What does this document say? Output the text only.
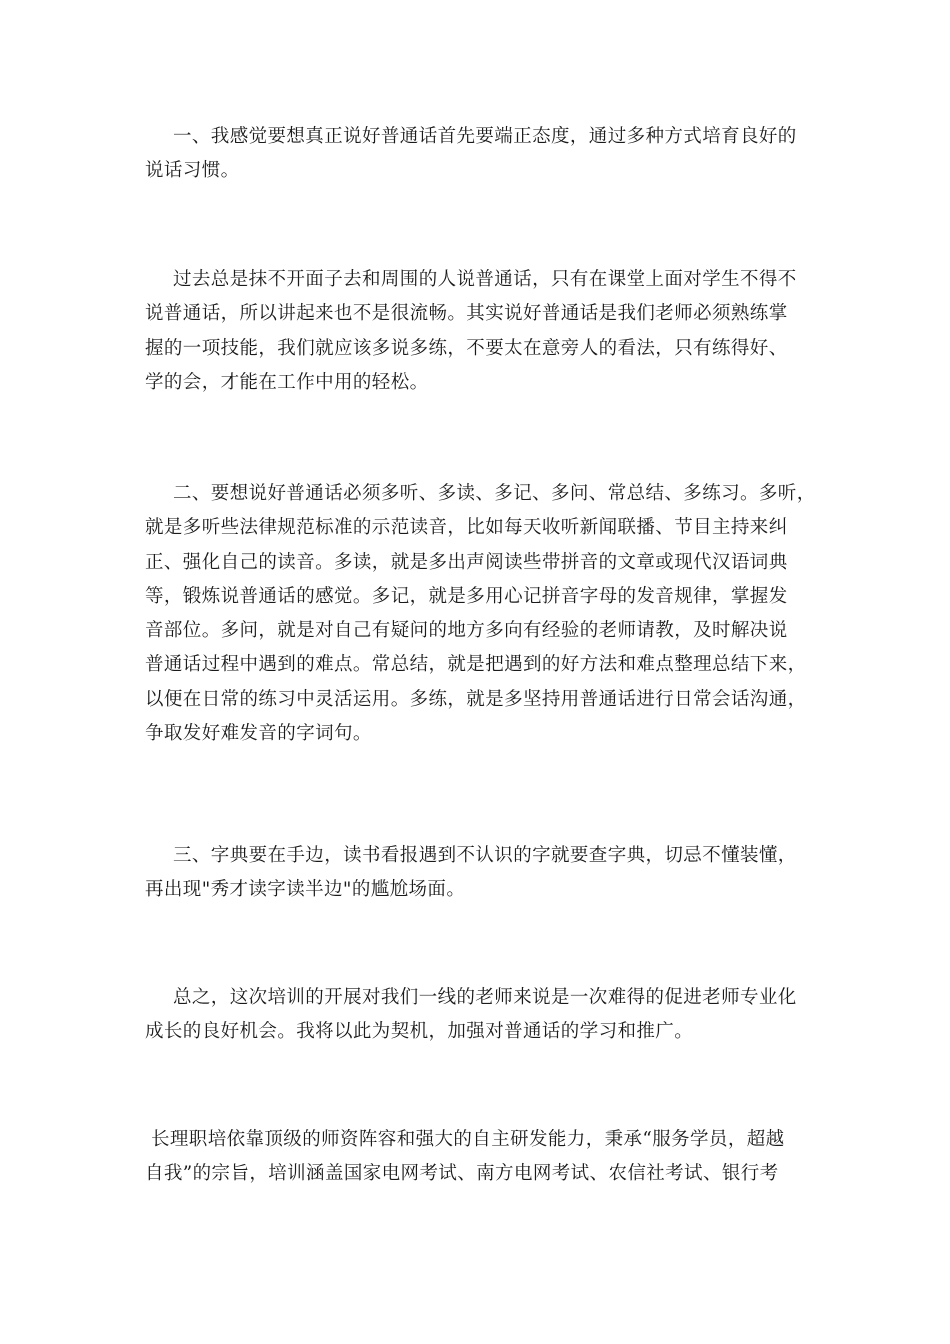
一、我感觉要想真正说好普通话首先要端正态度，通过多种方式培育良好的
说话习惯。

过去总是抹不开面子去和周围的人说普通话，只有在课堂上面对学生不得不
说普通话，所以讲起来也不是很流畅。其实说好普通话是我们老师必须熟练掌
握的一项技能，我们就应该多说多练，不要太在意旁人的看法，只有练得好、
学的会，才能在工作中用的轻松。

二、要想说好普通话必须多听、多读、多记、多问、常总结、多练习。多听，
就是多听些法律规范标准的示范读音，比如每天收听新闻联播、节目主持来纠
正、强化自己的读音。多读，就是多出声阅读些带拼音的文章或现代汉语词典
等，锻炼说普通话的感觉。多记，就是多用心记拼音字母的发音规律，掌握发
音部位。多问，就是对自己有疑问的地方多向有经验的老师请教，及时解决说
普通话过程中遇到的难点。常总结，就是把遇到的好方法和难点整理总结下来，
以便在日常的练习中灵活运用。多练，就是多坚持用普通话进行日常会话沟通，
争取发好难发音的字词句。

三、字典要在手边，读书看报遇到不认识的字就要查字典，切忌不懂装懂，
再出现"秀才读字读半边"的尴尬场面。

总之，这次培训的开展对我们一线的老师来说是一次难得的促进老师专业化
成长的良好机会。我将以此为契机，加强对普通话的学习和推广。

长理职培依靠顶级的师资阵容和强大的自主研发能力，秉承“服务学员，超越
自我”的宗旨，培训涵盖国家电网考试、南方电网考试、农信社考试、银行考
